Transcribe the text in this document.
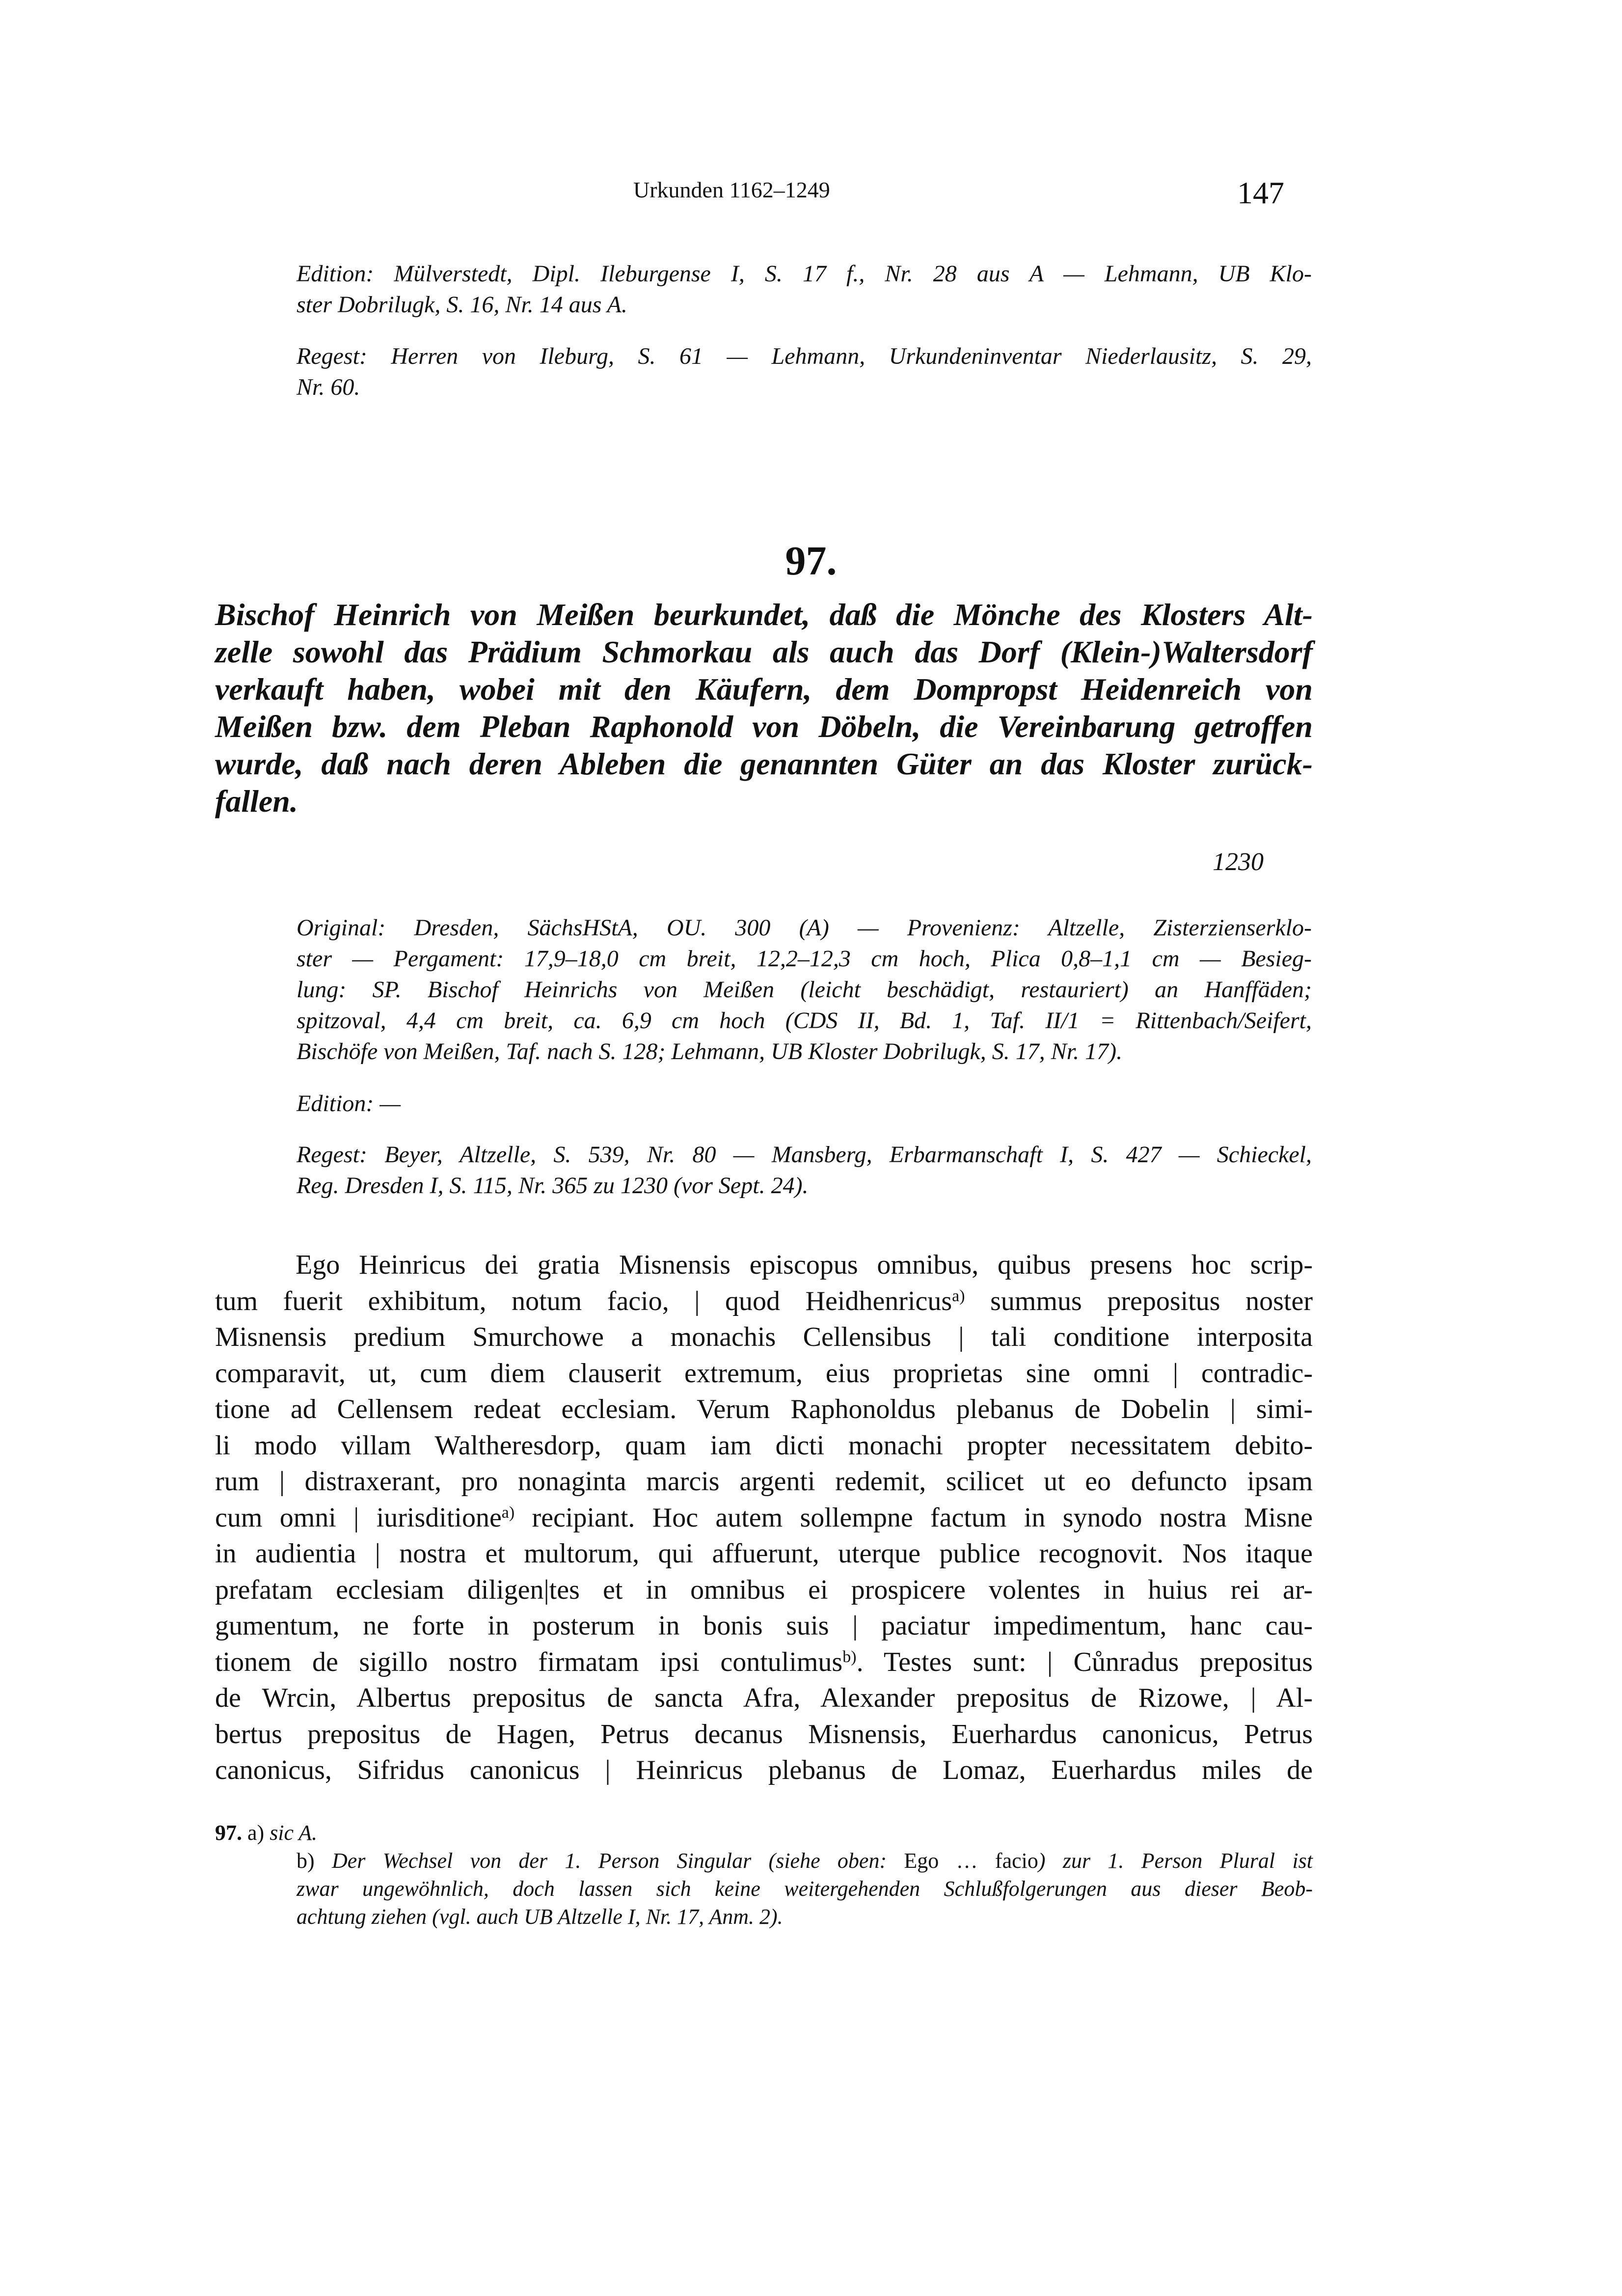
Urkunden 1162–1249	147

Edition: Mülverstedt, Dipl. Ileburgense I, S. 17 f., Nr. 28 aus A — Lehmann, UB Klo-
ster Dobrilugk, S. 16, Nr. 14 aus A.

Regest: Herren von Ileburg, S. 61 — Lehmann, Urkundeninventar Niederlausitz, S. 29,
Nr. 60.

97.
Bischof Heinrich von Meißen beurkundet, daß die Mönche des Klosters Alt-
zelle sowohl das Prädium Schmorkau als auch das Dorf (Klein-)Waltersdorf
verkauft haben, wobei mit den Käufern, dem Dompropst Heidenreich von
Meißen bzw. dem Pleban Raphonold von Döbeln, die Vereinbarung getroffen
wurde, daß nach deren Ableben die genannten Güter an das Kloster zurück-
fallen.
1230

Original: Dresden, SächsHStA, OU. 300 (A) — Provenienz: Altzelle, Zisterzienserklo-
ster — Pergament: 17,9–18,0 cm breit, 12,2–12,3 cm hoch, Plica 0,8–1,1 cm — Besieg-
lung: SP. Bischof Heinrichs von Meißen (leicht beschädigt, restauriert) an Hanffäden;
spitzoval, 4,4 cm breit, ca. 6,9 cm hoch (CDS II, Bd. 1, Taf. II/1 = Rittenbach/Seifert,
Bischöfe von Meißen, Taf. nach S. 128; Lehmann, UB Kloster Dobrilugk, S. 17, Nr. 17).

Edition: —

Regest: Beyer, Altzelle, S. 539, Nr. 80 — Mansberg, Erbarmanschaft I, S. 427 — Schieckel,
Reg. Dresden I, S. 115, Nr. 365 zu 1230 (vor Sept. 24).

Ego Heinricus dei gratia Misnensis episcopus omnibus, quibus presens hoc scrip-
tum fuerit exhibitum, notum facio, | quod Heidhenricus$^{a)}$ summus prepositus noster
Misnensis predium Smurchowe a monachis Cellensibus | tali conditione interposita
comparavit, ut, cum diem clauserit extremum, eius proprietas sine omni | contradic-
tione ad Cellensem redeat ecclesiam. Verum Raphonoldus plebanus de Dobelin | simi-
li modo villam Waltheresdorp, quam iam dicti monachi propter necessitatem debito-
rum | distraxerant, pro nonaginta marcis argenti redemit, scilicet ut eo defuncto ipsam
cum omni | iurisditione$^{a)}$ recipiant. Hoc autem sollempne factum in synodo nostra Misne
in audientia | nostra et multorum, qui affuerunt, uterque publice recognovit. Nos itaque
prefatam ecclesiam diligen|tes et in omnibus ei prospicere volentes in huius rei ar-
gumentum, ne forte in posterum in bonis suis | paciatur impedimentum, hanc cau-
tionem de sigillo nostro firmatam ipsi contulimus$^{b)}$. Testes sunt: | Cůnradus prepositus
de Wrcin, Albertus prepositus de sancta Afra, Alexander prepositus de Rizowe, | Al-
bertus prepositus de Hagen, Petrus decanus Misnensis, Euerhardus canonicus, Petrus
canonicus, Sifridus canonicus | Heinricus plebanus de Lomaz, Euerhardus miles de

97. a) sic A.
b) Der Wechsel von der 1. Person Singular (siehe oben: Ego … facio) zur 1. Person Plural ist
zwar ungewöhnlich, doch lassen sich keine weitergehenden Schlußfolgerungen aus dieser Beob-
achtung ziehen (vgl. auch UB Altzelle I, Nr. 17, Anm. 2).
